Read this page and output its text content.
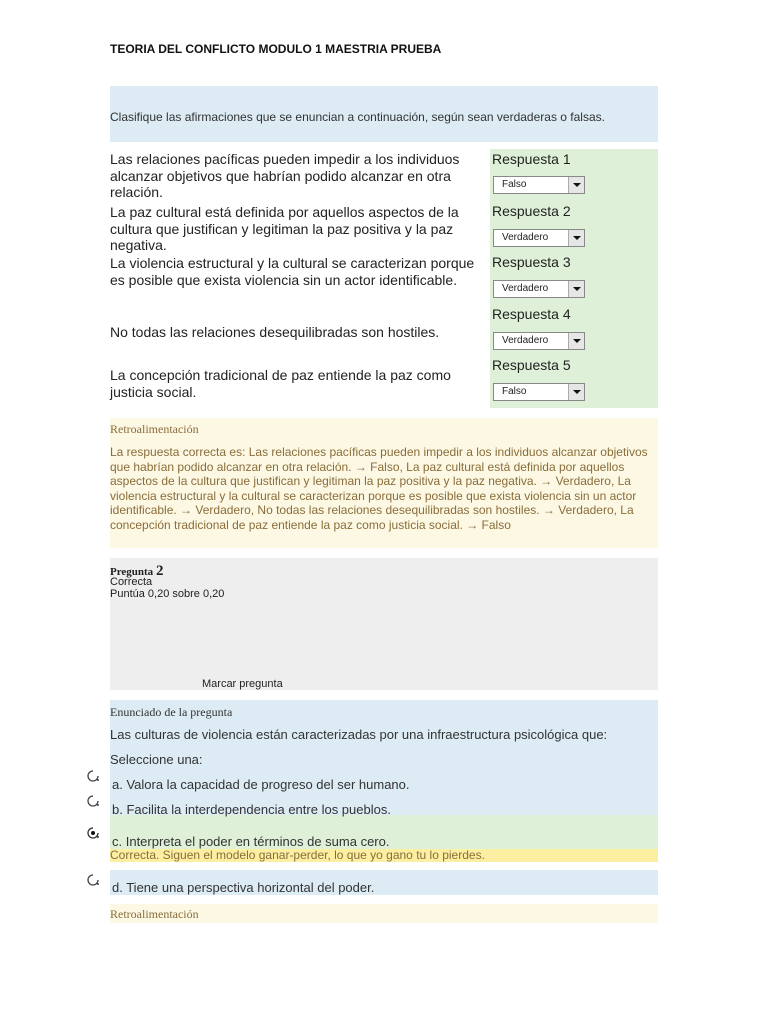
TEORIA DEL CONFLICTO MODULO 1 MAESTRIA PRUEBA
Clasifique las afirmaciones que se enuncian a continuación, según sean verdaderas o falsas.
Las relaciones pacíficas pueden impedir a los individuos alcanzar objetivos que habrían podido alcanzar en otra relación.
La paz cultural está definida por aquellos aspectos de la cultura que justifican y legitiman la paz positiva y la paz negativa.
La violencia estructural y la cultural se caracterizan porque es posible que exista violencia sin un actor identificable.
No todas las relaciones desequilibradas son hostiles.
La concepción tradicional de paz entiende la paz como justicia social.
Respuesta 1
Falso
Respuesta 2
Verdadero
Respuesta 3
Verdadero
Respuesta 4
Verdadero
Respuesta 5
Falso
Retroalimentación
La respuesta correcta es: Las relaciones pacíficas pueden impedir a los individuos alcanzar objetivos que habrían podido alcanzar en otra relación. → Falso, La paz cultural está definida por aquellos aspectos de la cultura que justifican y legitiman la paz positiva y la paz negativa. → Verdadero, La violencia estructural y la cultural se caracterizan porque es posible que exista violencia sin un actor identificable. → Verdadero, No todas las relaciones desequilibradas son hostiles. → Verdadero, La concepción tradicional de paz entiende la paz como justicia social. → Falso
Pregunta 2
Correcta
Puntúa 0,20 sobre 0,20
Marcar pregunta
Enunciado de la pregunta
Las culturas de violencia están caracterizadas por una infraestructura psicológica que:
Seleccione una:
Correcta. Siguen el modelo ganar-perder, lo que yo gano tu lo pierdes.
a. Valora la capacidad de progreso del ser humano.
b. Facilita la interdependencia entre los pueblos.
c. Interpreta el poder en términos de suma cero.
d. Tiene una perspectiva horizontal del poder.
Retroalimentación
